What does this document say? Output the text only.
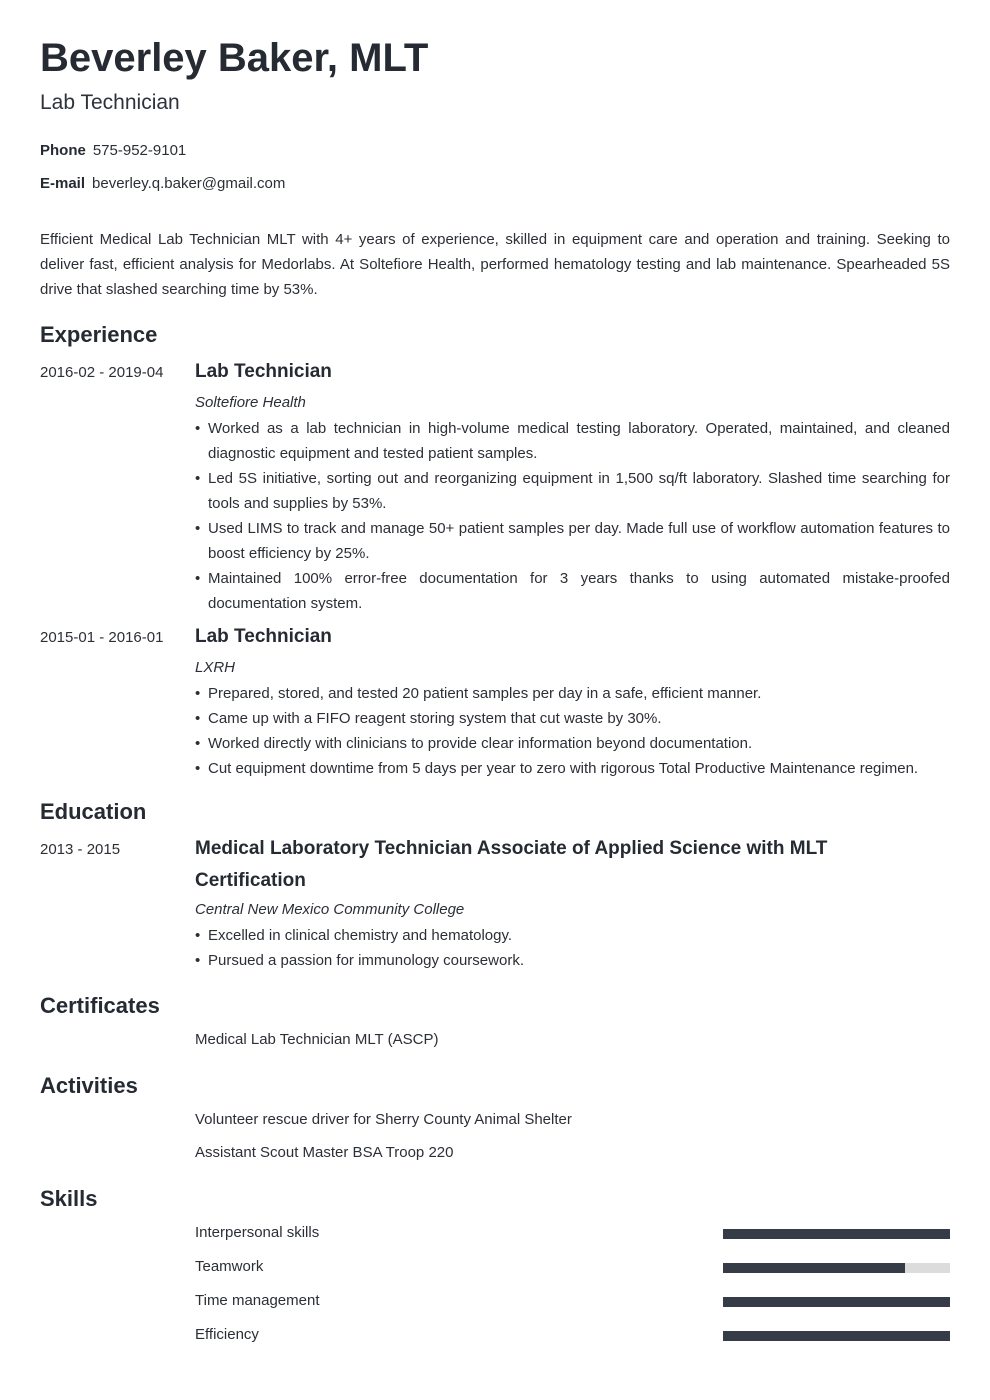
Beverley Baker, MLT
Lab Technician
Phone 575-952-9101
E-mail beverley.q.baker@gmail.com
Efficient Medical Lab Technician MLT with 4+ years of experience, skilled in equipment care and operation and training. Seeking to deliver fast, efficient analysis for Medorlabs. At Soltefiore Health, performed hematology testing and lab maintenance. Spearheaded 5S drive that slashed searching time by 53%.
Experience
2016-02 - 2019-04 Lab Technician
Soltefiore Health
• Worked as a lab technician in high-volume medical testing laboratory. Operated, maintained, and cleaned diagnostic equipment and tested patient samples.
• Led 5S initiative, sorting out and reorganizing equipment in 1,500 sq/ft laboratory. Slashed time searching for tools and supplies by 53%.
• Used LIMS to track and manage 50+ patient samples per day. Made full use of workflow automation features to boost efficiency by 25%.
• Maintained 100% error-free documentation for 3 years thanks to using automated mistake-proofed documentation system.
2015-01 - 2016-01 Lab Technician
LXRH
• Prepared, stored, and tested 20 patient samples per day in a safe, efficient manner.
• Came up with a FIFO reagent storing system that cut waste by 30%.
• Worked directly with clinicians to provide clear information beyond documentation.
• Cut equipment downtime from 5 days per year to zero with rigorous Total Productive Maintenance regimen.
Education
2013 - 2015	Medical Laboratory Technician Associate of Applied Science with MLT Certification
Central New Mexico Community College
• Excelled in clinical chemistry and hematology.
• Pursued a passion for immunology coursework.
Certificates
Medical Lab Technician MLT (ASCP)
Activities
Volunteer rescue driver for Sherry County Animal Shelter
Assistant Scout Master BSA Troop 220
Skills
Interpersonal skills
Teamwork
Time management
Efficiency
